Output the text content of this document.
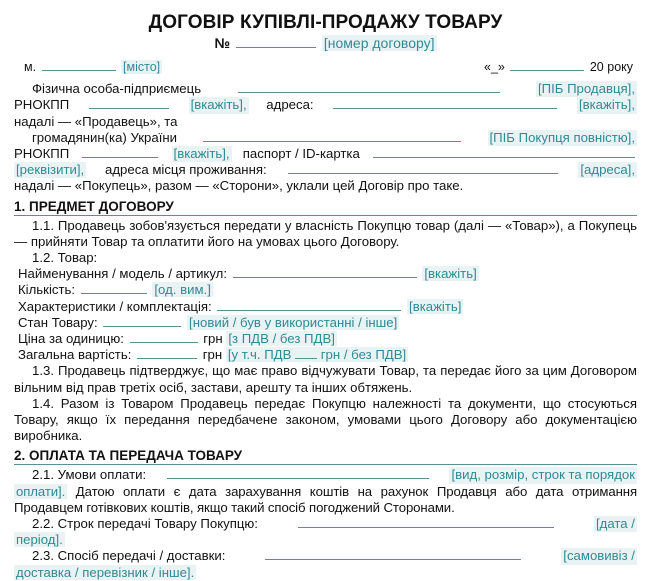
ДОГОВІР КУПІВЛІ-ПРОДАЖУ ТОВАРУ
№	[номер договору]
м.	[місто]	«_»	20 року
Фізична особа-підприємець	[ПІБ Продавця],
РНОКПП	[вкажіть], адреса:	[вкажіть],
надалі — «Продавець», та
громадянин(ка) України	[ПІБ Покупця повністю],
РНОКПП	[вкажіть], паспорт / ID-картка
[реквізити], адреса місця проживання:	[адреса],
надалі — «Покупець», разом — «Сторони», уклали цей Договір про таке.
1. ПРЕДМЕТ ДОГОВОРУ

1.1. Продавець зобов'язується передати у власність Покупцю товар (далі — «Товар»), а Покупець — прийняти Товар та оплатити його на умовах цього Договору.

1.2. Товар:
Найменування / модель / артикул:	[вкажіть]
Кількість:	[од. вим.]
Характеристики / комплектація:	[вкажіть]
Стан Товару:	[новий / був у використанні / інше]
Ціна за одиницю:	грн [з ПДВ / без ПДВ]
Загальна вартість:	грн [у т.ч. ПДВ грн / без ПДВ]

1.3. Продавець підтверджує, що має право відчужувати Товар, та передає його за цим Договором вільним від прав третіх осіб, застави, арешту та інших обтяжень.

1.4. Разом із Товаром Продавець передає Покупцю належності та документи, що стосуються Товару, якщо їх передання передбачене законом, умовами цього Договору або документацією виробника.

2. ОПЛАТА ТА ПЕРЕДАЧА ТОВАРУ
2.1. Умови оплати:	[вид, розмір, строк та порядок

оплати]. Датою оплати є дата зарахування коштів на рахунок Продавця або дата отримання Продавцем готівкових коштів, якщо такий спосіб погоджений Сторонами.

2.2. Строк передачі Товару Покупцю:	[дата /
період].
2.3. Спосіб передачі / доставки:	[самовивіз /
доставка / перевізник / інше].
